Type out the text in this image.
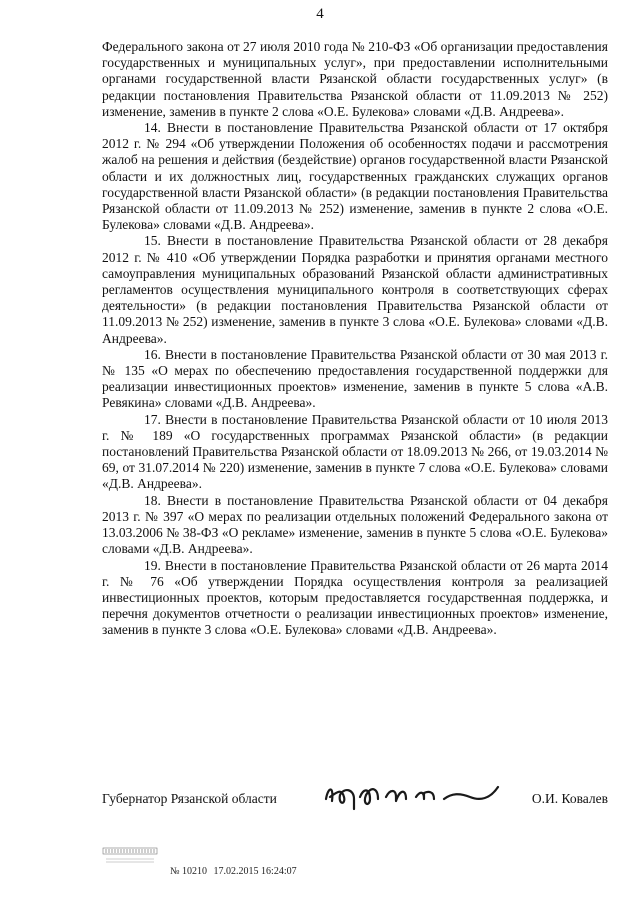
4

Федерального закона от 27 июля 2010 года № 210-ФЗ «Об организации предоставления государственных и муниципальных услуг», при предоставлении исполнительными органами государственной власти Рязанской области государственных услуг» (в редакции постановления Правительства Рязанской области от 11.09.2013 № 252) изменение, заменив в пункте 2 слова «О.Е. Булекова» словами «Д.В. Андреева».

14. Внести в постановление Правительства Рязанской области от 17 октября 2012 г. № 294 «Об утверждении Положения об особенностях подачи и рассмотрения жалоб на решения и действия (бездействие) органов государственной власти Рязанской области и их должностных лиц, государственных гражданских служащих органов государственной власти Рязанской области» (в редакции постановления Правительства Рязанской области от 11.09.2013 № 252) изменение, заменив в пункте 2 слова «О.Е. Булекова» словами «Д.В. Андреева».

15. Внести в постановление Правительства Рязанской области от 28 декабря 2012 г. № 410 «Об утверждении Порядка разработки и принятия органами местного самоуправления муниципальных образований Рязанской области административных регламентов осуществления муниципального контроля в соответствующих сферах деятельности» (в редакции постановления Правительства Рязанской области от 11.09.2013 № 252) изменение, заменив в пункте 3 слова «О.Е. Булекова» словами «Д.В. Андреева».

16. Внести в постановление Правительства Рязанской области от 30 мая 2013 г. № 135 «О мерах по обеспечению предоставления государственной поддержки для реализации инвестиционных проектов» изменение, заменив в пункте 5 слова «А.В. Ревякина» словами «Д.В. Андреева».

17. Внести в постановление Правительства Рязанской области от 10 июля 2013 г. № 189 «О государственных программах Рязанской области» (в редакции постановлений Правительства Рязанской области от 18.09.2013 № 266, от 19.03.2014 № 69, от 31.07.2014 № 220) изменение, заменив в пункте 7 слова «О.Е. Булекова» словами «Д.В. Андреева».

18. Внести в постановление Правительства Рязанской области от 04 декабря 2013 г. № 397 «О мерах по реализации отдельных положений Федерального закона от 13.03.2006 № 38-ФЗ «О рекламе» изменение, заменив в пункте 5 слова «О.Е. Булекова» словами «Д.В. Андреева».

19. Внести в постановление Правительства Рязанской области от 26 марта 2014 г. № 76 «Об утверждении Порядка осуществления контроля за реализацией инвестиционных проектов, которым предоставляется государственная поддержка, и перечня документов отчетности о реализации инвестиционных проектов» изменение, заменив в пункте 3 слова «О.Е. Булекова» словами «Д.В. Андреева».

Губернатор Рязанской области	О.И. Ковалев
№ 10210 17.02.2015 16:24:07
